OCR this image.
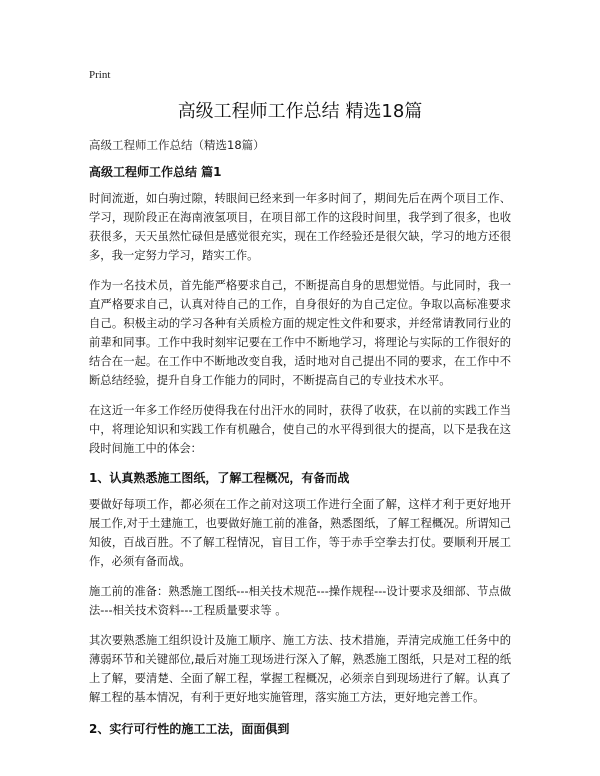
Print
高级工程师工作总结 精选18篇
高级工程师工作总结（精选18篇）
高级工程师工作总结 篇1

时间流逝，如白驹过隙，转眼间已经来到一年多时间了，期间先后在两个项目工作、学习，现阶段正在海南液氢项目，在项目部工作的这段时间里，我学到了很多，也收获很多，天天虽然忙碌但是感觉很充实，现在工作经验还是很欠缺，学习的地方还很多，我一定努力学习，踏实工作。

作为一名技术员，首先能严格要求自己，不断提高自身的思想觉悟。与此同时，我一直严格要求自己，认真对待自己的工作，自身很好的为自己定位。争取以高标准要求自己。积极主动的学习各种有关质检方面的规定性文件和要求，并经常请教同行业的前辈和同事。工作中我时刻牢记要在工作中不断地学习，将理论与实际的工作很好的结合在一起。在工作中不断地改变自我，适时地对自己提出不同的要求，在工作中不断总结经验，提升自身工作能力的同时，不断提高自己的专业技术水平。

在这近一年多工作经历使得我在付出汗水的同时，获得了收获，在以前的实践工作当中，将理论知识和实践工作有机融合，使自己的水平得到很大的提高，以下是我在这段时间施工中的体会：

1、认真熟悉施工图纸，了解工程概况，有备而战

要做好每项工作，都必须在工作之前对这项工作进行全面了解，这样才利于更好地开展工作,对于土建施工，也要做好施工前的准备，熟悉图纸，了解工程概况。所谓知己知彼，百战百胜。不了解工程情况，盲目工作，等于赤手空拳去打仗。要顺利开展工作，必须有备而战。

施工前的准备：熟悉施工图纸---相关技术规范---操作规程---设计要求及细部、节点做法---相关技术资料---工程质量要求等 。

其次要熟悉施工组织设计及施工顺序、施工方法、技术措施，弄清完成施工任务中的薄弱环节和关键部位,最后对施工现场进行深入了解，熟悉施工图纸，只是对工程的纸上了解，要清楚、全面了解工程，掌握工程概况，必须亲自到现场进行了解。认真了解工程的基本情况，有利于更好地实施管理，落实施工方法，更好地完善工作。

2、实行可行性的施工工法，面面俱到
